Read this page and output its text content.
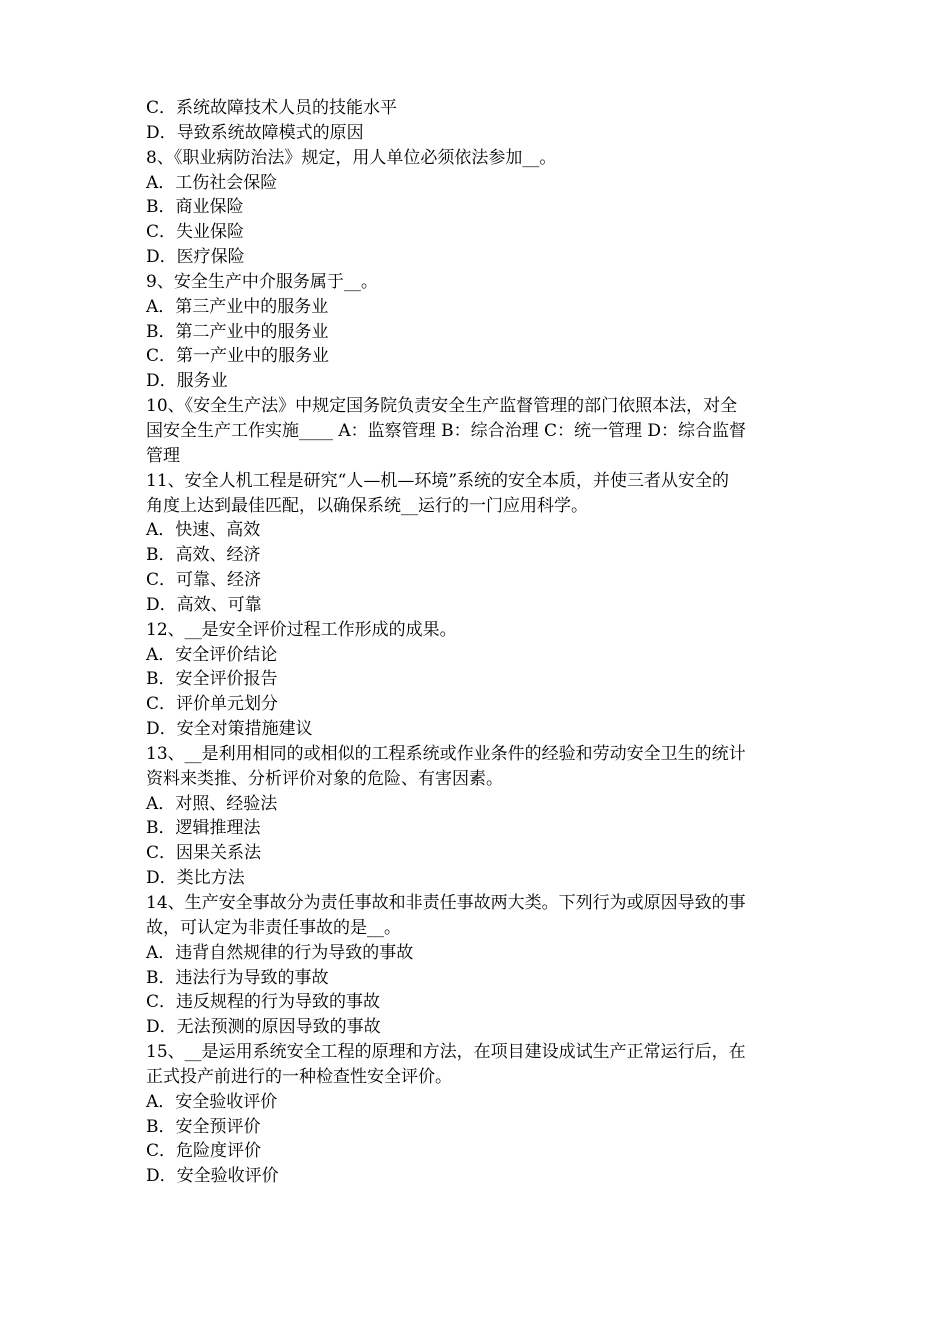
C．系统故障技术人员的技能水平

D．导致系统故障模式的原因

8、《职业病防治法》规定，用人单位必须依法参加__。

A．工伤社会保险

B．商业保险

C．失业保险

D．医疗保险

9、安全生产中介服务属于__。

A．第三产业中的服务业

B．第二产业中的服务业

C．第一产业中的服务业

D．服务业

10、《安全生产法》中规定国务院负责安全生产监督管理的部门依照本法，对全

国安全生产工作实施____ A：监察管理 B：综合治理 C：统一管理 D：综合监督

管理

11、安全人机工程是研究“人—机—环境”系统的安全本质，并使三者从安全的

角度上达到最佳匹配，以确保系统__运行的一门应用科学。

A．快速、高效

B．高效、经济

C．可靠、经济

D．高效、可靠

12、__是安全评价过程工作形成的成果。

A．安全评价结论

B．安全评价报告

C．评价单元划分

D．安全对策措施建议

13、__是利用相同的或相似的工程系统或作业条件的经验和劳动安全卫生的统计

资料来类推、分析评价对象的危险、有害因素。

A．对照、经验法

B．逻辑推理法

C．因果关系法

D．类比方法

14、生产安全事故分为责任事故和非责任事故两大类。下列行为或原因导致的事

故，可认定为非责任事故的是__。

A．违背自然规律的行为导致的事故

B．违法行为导致的事故

C．违反规程的行为导致的事故

D．无法预测的原因导致的事故

15、__是运用系统安全工程的原理和方法，在项目建设成试生产正常运行后，在

正式投产前进行的一种检查性安全评价。

A．安全验收评价

B．安全预评价

C．危险度评价

D．安全验收评价
